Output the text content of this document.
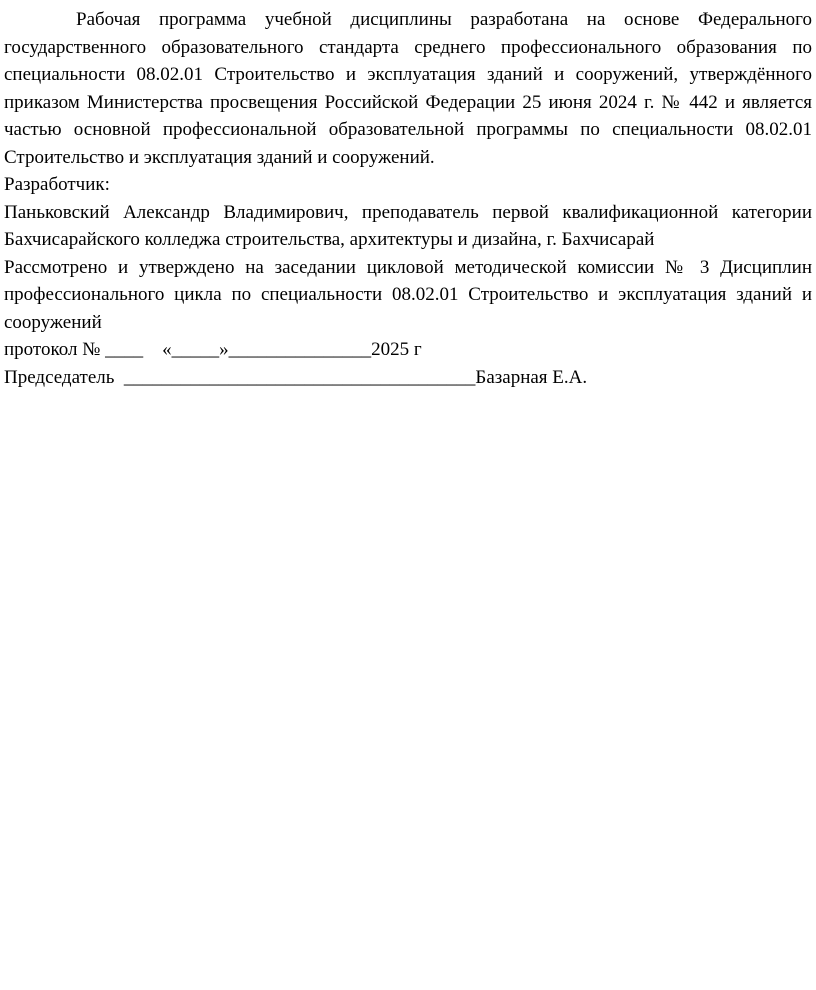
Рабочая программа учебной дисциплины разработана на основе Федерального государственного образовательного стандарта среднего профессионального образования по специальности 08.02.01 Строительство и эксплуатация зданий и сооружений, утверждённого приказом Министерства просвещения Российской Федерации 25 июня 2024 г. № 442 и является частью основной профессиональной образовательной программы по специальности 08.02.01 Строительство и эксплуатация зданий и сооружений.

Разработчик:

Паньковский Александр Владимирович, преподаватель первой квалификационной категории Бахчисарайского колледжа строительства, архитектуры и дизайна, г. Бахчисарай

Рассмотрено и утверждено на заседании цикловой методической комиссии № 3 Дисциплин профессионального цикла по специальности 08.02.01 Строительство и эксплуатация зданий и сооружений

протокол № ____    «_____»_______________2025 г

Председатель  _____________________________________Базарная Е.А.
